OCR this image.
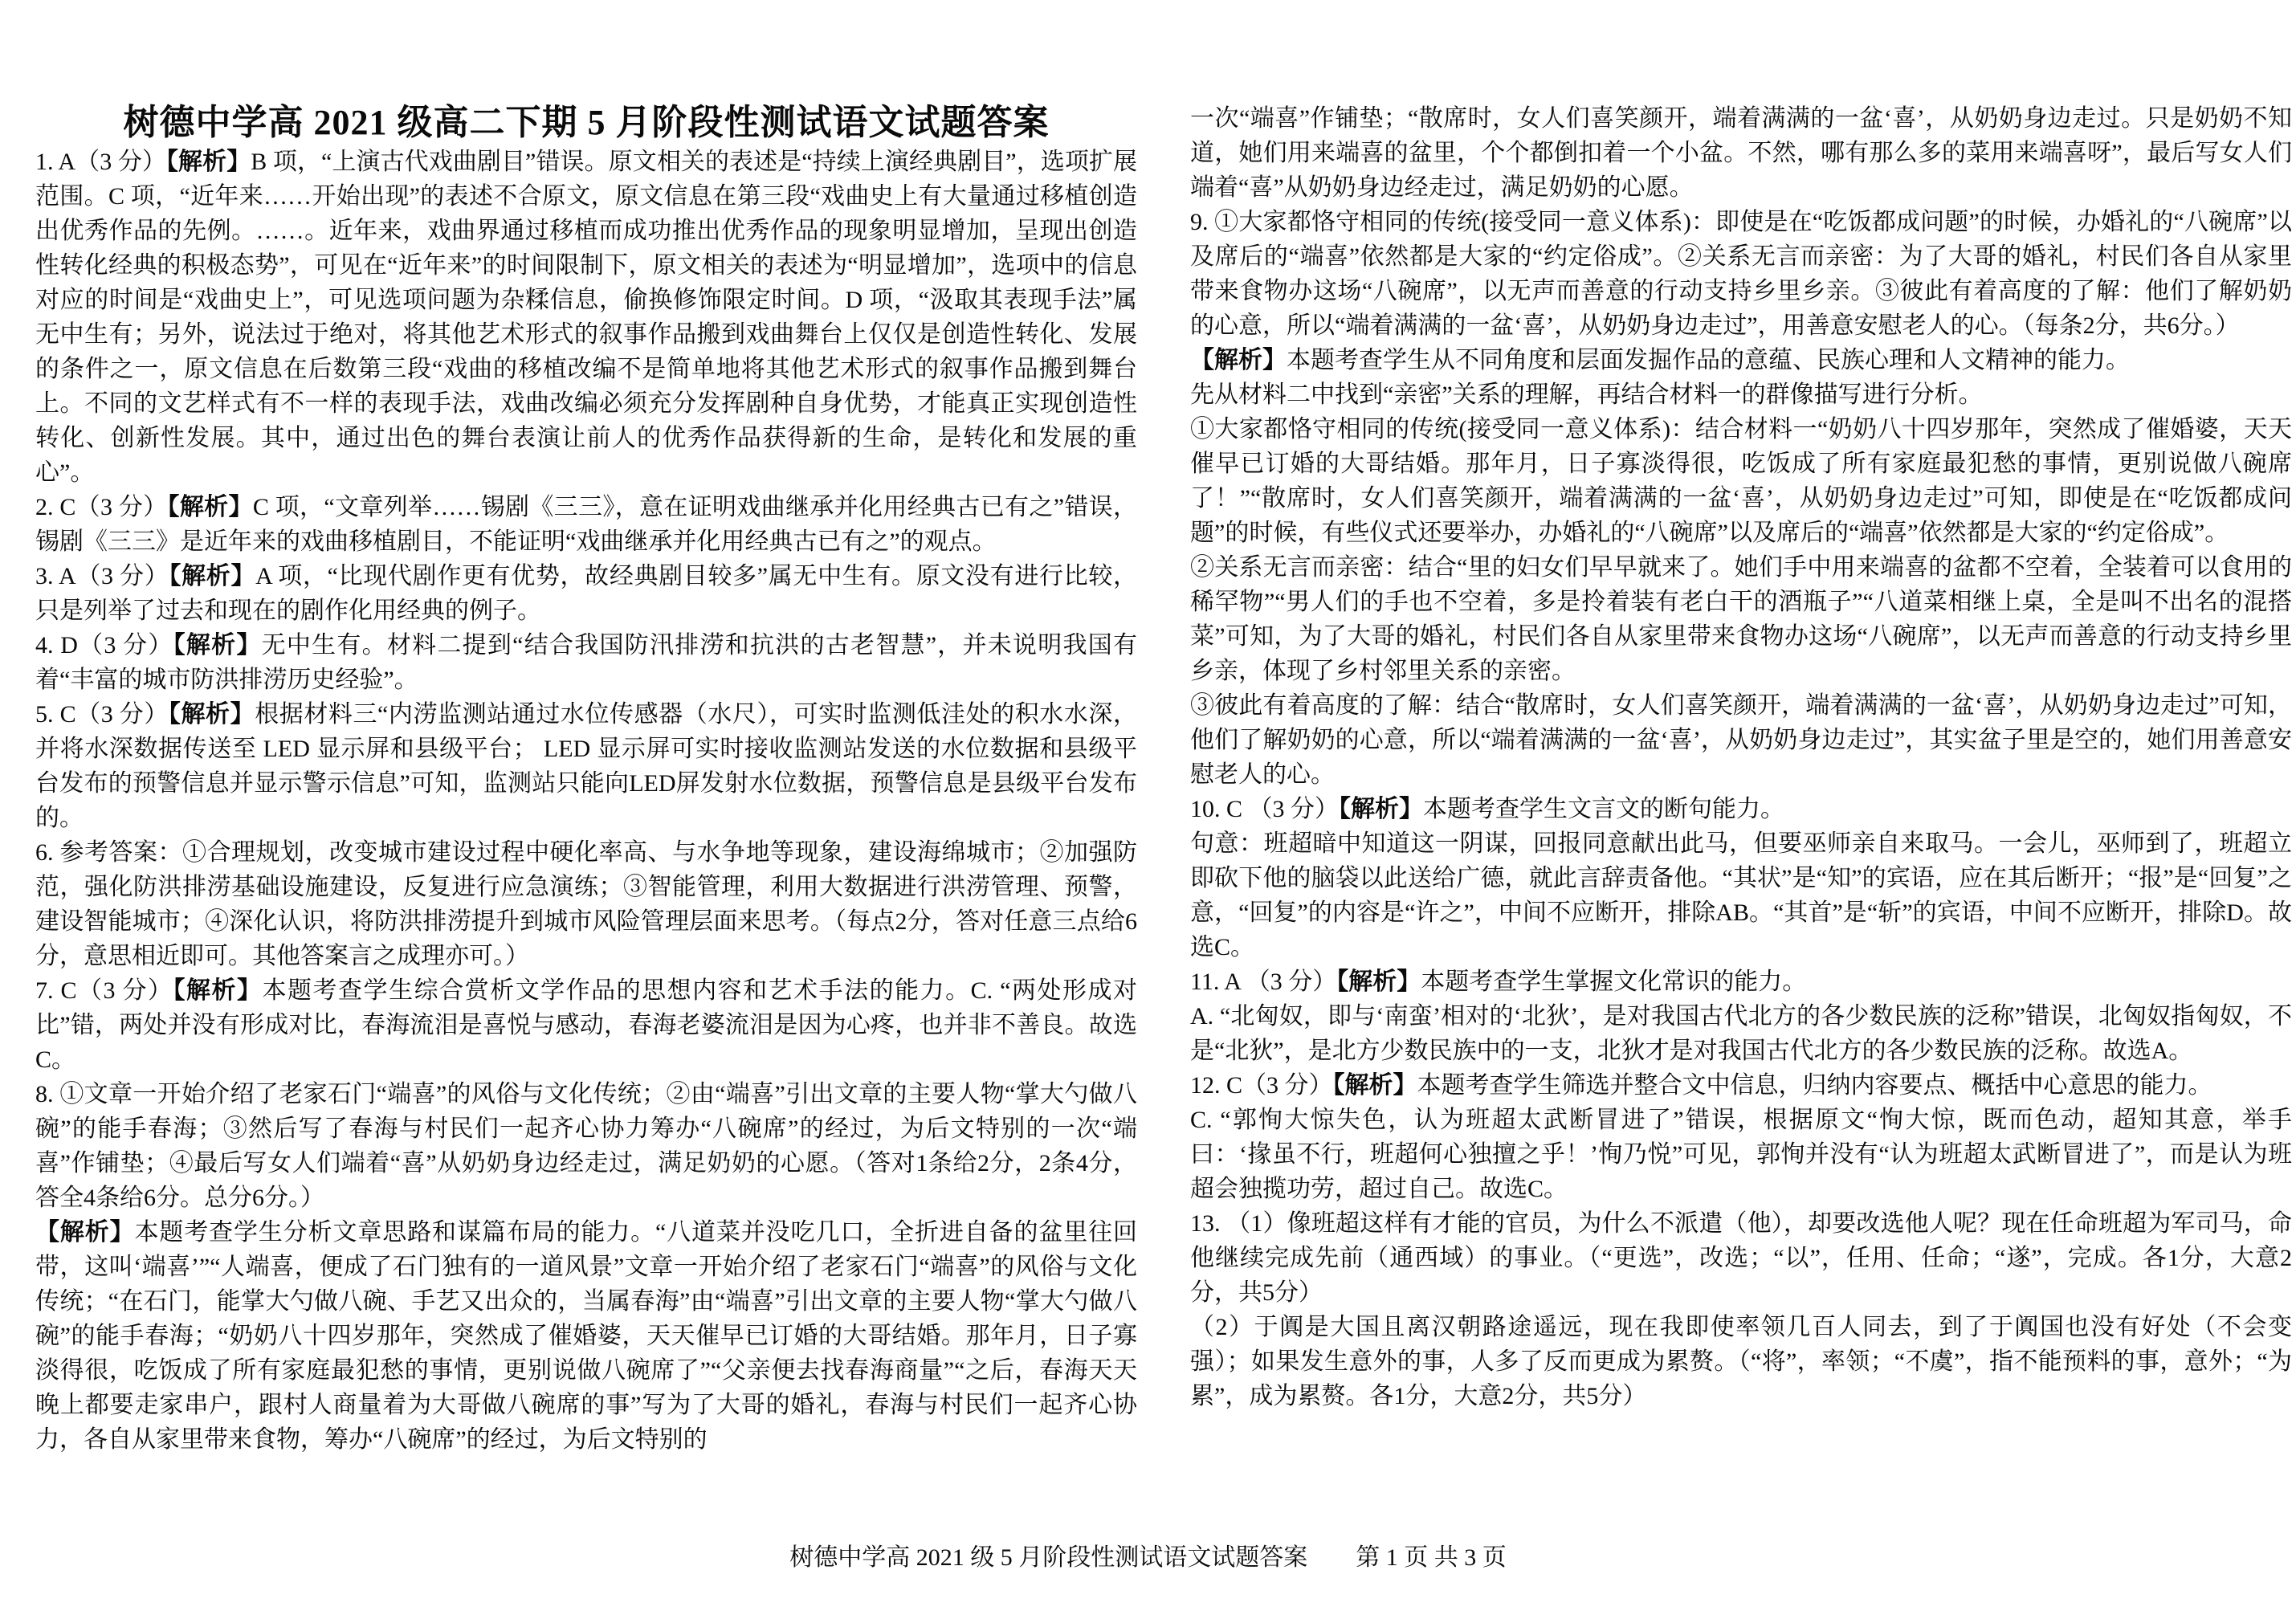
树德中学高 2021 级高二下期 5 月阶段性测试语文试题答案

1. A（3 分）【解析】B 项，“上演古代戏曲剧目”错误。原文相关的表述是“持续上演经典剧目”，选项扩展范围。C 项，“近年来……开始出现”的表述不合原文，原文信息在第三段“戏曲史上有大量通过移植创造出优秀作品的先例。……。近年来，戏曲界通过移植而成功推出优秀作品的现象明显增加，呈现出创造性转化经典的积极态势”，可见在“近年来”的时间限制下，原文相关的表述为“明显增加”，选项中的信息对应的时间是“戏曲史上”，可见选项问题为杂糅信息，偷换修饰限定时间。D 项，“汲取其表现手法”属无中生有；另外，说法过于绝对，将其他艺术形式的叙事作品搬到戏曲舞台上仅仅是创造性转化、发展的条件之一，原文信息在后数第三段“戏曲的移植改编不是简单地将其他艺术形式的叙事作品搬到舞台上。不同的文艺样式有不一样的表现手法，戏曲改编必须充分发挥剧种自身优势，才能真正实现创造性转化、创新性发展。其中，通过出色的舞台表演让前人的优秀作品获得新的生命，是转化和发展的重心”。

2. C（3 分）【解析】C 项，“文章列举……锡剧《三三》，意在证明戏曲继承并化用经典古已有之”错误， 锡剧《三三》是近年来的戏曲移植剧目，不能证明“戏曲继承并化用经典古已有之”的观点。

3. A（3 分）【解析】A 项，“比现代剧作更有优势，故经典剧目较多”属无中生有。原文没有进行比较， 只是列举了过去和现在的剧作化用经典的例子。

4. D（3 分）【解析】无中生有。材料二提到“结合我国防汛排涝和抗洪的古老智慧”，并未说明我国有着“丰富的城市防洪排涝历史经验”。

5. C（3 分）【解析】根据材料三“内涝监测站通过水位传感器（水尺），可实时监测低洼处的积水水深，并将水深数据传送至 LED 显示屏和县级平台； LED 显示屏可实时接收监测站发送的水位数据和县级平台发布的预警信息并显示警示信息”可知，监测站只能向LED屏发射水位数据，预警信息是县级平台发布的。

6. 参考答案：①合理规划，改变城市建设过程中硬化率高、与水争地等现象，建设海绵城市；②加强防范，强化防洪排涝基础设施建设，反复进行应急演练；③智能管理，利用大数据进行洪涝管理、预警，建设智能城市；④深化认识，将防洪排涝提升到城市风险管理层面来思考。（每点2分，答对任意三点给6分，意思相近即可。其他答案言之成理亦可。）

7. C（3 分）【解析】本题考查学生综合赏析文学作品的思想内容和艺术手法的能力。C. “两处形成对比”错，两处并没有形成对比，春海流泪是喜悦与感动，春海老婆流泪是因为心疼，也并非不善良。故选 C。

8. ①文章一开始介绍了老家石门“端喜”的风俗与文化传统；②由“端喜”引出文章的主要人物“掌大勺做八碗”的能手春海；③然后写了春海与村民们一起齐心协力筹办“八碗席”的经过，为后文特别的一次“端喜”作铺垫；④最后写女人们端着“喜”从奶奶身边经走过，满足奶奶的心愿。（答对1条给2分，2条4分，答全4条给6分。总分6分。）

【解析】本题考查学生分析文章思路和谋篇布局的能力。“八道菜并没吃几口，全折进自备的盆里往回带，这叫‘端喜’”“人端喜，便成了石门独有的一道风景”文章一开始介绍了老家石门“端喜”的风俗与文化传统；“在石门，能掌大勺做八碗、手艺又出众的，当属春海”由“端喜”引出文章的主要人物“掌大勺做八碗”的能手春海；“奶奶八十四岁那年，突然成了催婚婆，天天催早已订婚的大哥结婚。那年月，日子寡淡得很，吃饭成了所有家庭最犯愁的事情，更别说做八碗席了”“父亲便去找春海商量”“之后，春海天天晚上都要走家串户，跟村人商量着为大哥做八碗席的事”写为了大哥的婚礼，春海与村民们一起齐心协力，各自从家里带来食物，筹办“八碗席”的经过，为后文特别的

一次“端喜”作铺垫；“散席时，女人们喜笑颜开，端着满满的一盆‘喜’，从奶奶身边走过。只是奶奶不知道，她们用来端喜的盆里，个个都倒扣着一个小盆。不然，哪有那么多的菜用来端喜呀”，最后写女人们端着“喜”从奶奶身边经走过，满足奶奶的心愿。

9. ①大家都恪守相同的传统(接受同一意义体系)：即使是在“吃饭都成问题”的时候，办婚礼的“八碗席”以及席后的“端喜”依然都是大家的“约定俗成”。②关系无言而亲密：为了大哥的婚礼，村民们各自从家里带来食物办这场“八碗席”，以无声而善意的行动支持乡里乡亲。③彼此有着高度的了解：他们了解奶奶的心意，所以“端着满满的一盆‘喜’，从奶奶身边走过”，用善意安慰老人的心。（每条2分，共6分。）

【解析】本题考查学生从不同角度和层面发掘作品的意蕴、民族心理和人文精神的能力。

先从材料二中找到“亲密”关系的理解，再结合材料一的群像描写进行分析。

①大家都恪守相同的传统(接受同一意义体系)：结合材料一“奶奶八十四岁那年，突然成了催婚婆，天天催早已订婚的大哥结婚。那年月，日子寡淡得很，吃饭成了所有家庭最犯愁的事情，更别说做八碗席了！”“散席时，女人们喜笑颜开，端着满满的一盆‘喜’，从奶奶身边走过”可知，即使是在“吃饭都成问题”的时候，有些仪式还要举办，办婚礼的“八碗席”以及席后的“端喜”依然都是大家的“约定俗成”。

②关系无言而亲密：结合“里的妇女们早早就来了。她们手中用来端喜的盆都不空着，全装着可以食用的稀罕物”“男人们的手也不空着，多是拎着装有老白干的酒瓶子”“八道菜相继上桌，全是叫不出名的混搭菜”可知，为了大哥的婚礼，村民们各自从家里带来食物办这场“八碗席”，以无声而善意的行动支持乡里乡亲，体现了乡村邻里关系的亲密。

③彼此有着高度的了解：结合“散席时，女人们喜笑颜开，端着满满的一盆‘喜’，从奶奶身边走过”可知，他们了解奶奶的心意，所以“端着满满的一盆‘喜’，从奶奶身边走过”，其实盆子里是空的，她们用善意安慰老人的心。

10. C （3 分）【解析】本题考查学生文言文的断句能力。

句意：班超暗中知道这一阴谋，回报同意献出此马，但要巫师亲自来取马。一会儿，巫师到了，班超立即砍下他的脑袋以此送给广德，就此言辞责备他。“其状”是“知”的宾语，应在其后断开；“报”是“回复”之意，“回复”的内容是“许之”，中间不应断开，排除AB。“其首”是“斩”的宾语，中间不应断开，排除D。故选C。

11. A （3 分）【解析】本题考查学生掌握文化常识的能力。

A. “北匈奴，即与‘南蛮’相对的‘北狄’，是对我国古代北方的各少数民族的泛称”错误，北匈奴指匈奴，不是“北狄”，是北方少数民族中的一支，北狄才是对我国古代北方的各少数民族的泛称。故选A。

12. C（3 分）【解析】本题考查学生筛选并整合文中信息，归纳内容要点、概括中心意思的能力。

C. “郭恂大惊失色，认为班超太武断冒进了”错误，根据原文“恂大惊，既而色动，超知其意，举手曰：‘掾虽不行，班超何心独擅之乎！’恂乃悦”可见，郭恂并没有“认为班超太武断冒进了”，而是认为班超会独揽功劳，超过自己。故选C。

13. （1）像班超这样有才能的官员，为什么不派遣（他），却要改选他人呢？现在任命班超为军司马，命他继续完成先前（通西域）的事业。（“更选”，改选；“以”，任用、任命；“遂”，完成。各1分，大意2分，共5分）

（2）于阗是大国且离汉朝路途遥远，现在我即使率领几百人同去，到了于阗国也没有好处（不会变强）；如果发生意外的事，人多了反而更成为累赘。（“将”，率领；“不虞”，指不能预料的事，意外；“为累”，成为累赘。各1分，大意2分，共5分）

树德中学高 2021 级 5 月阶段性测试语文试题答案 第 1 页 共 3 页
